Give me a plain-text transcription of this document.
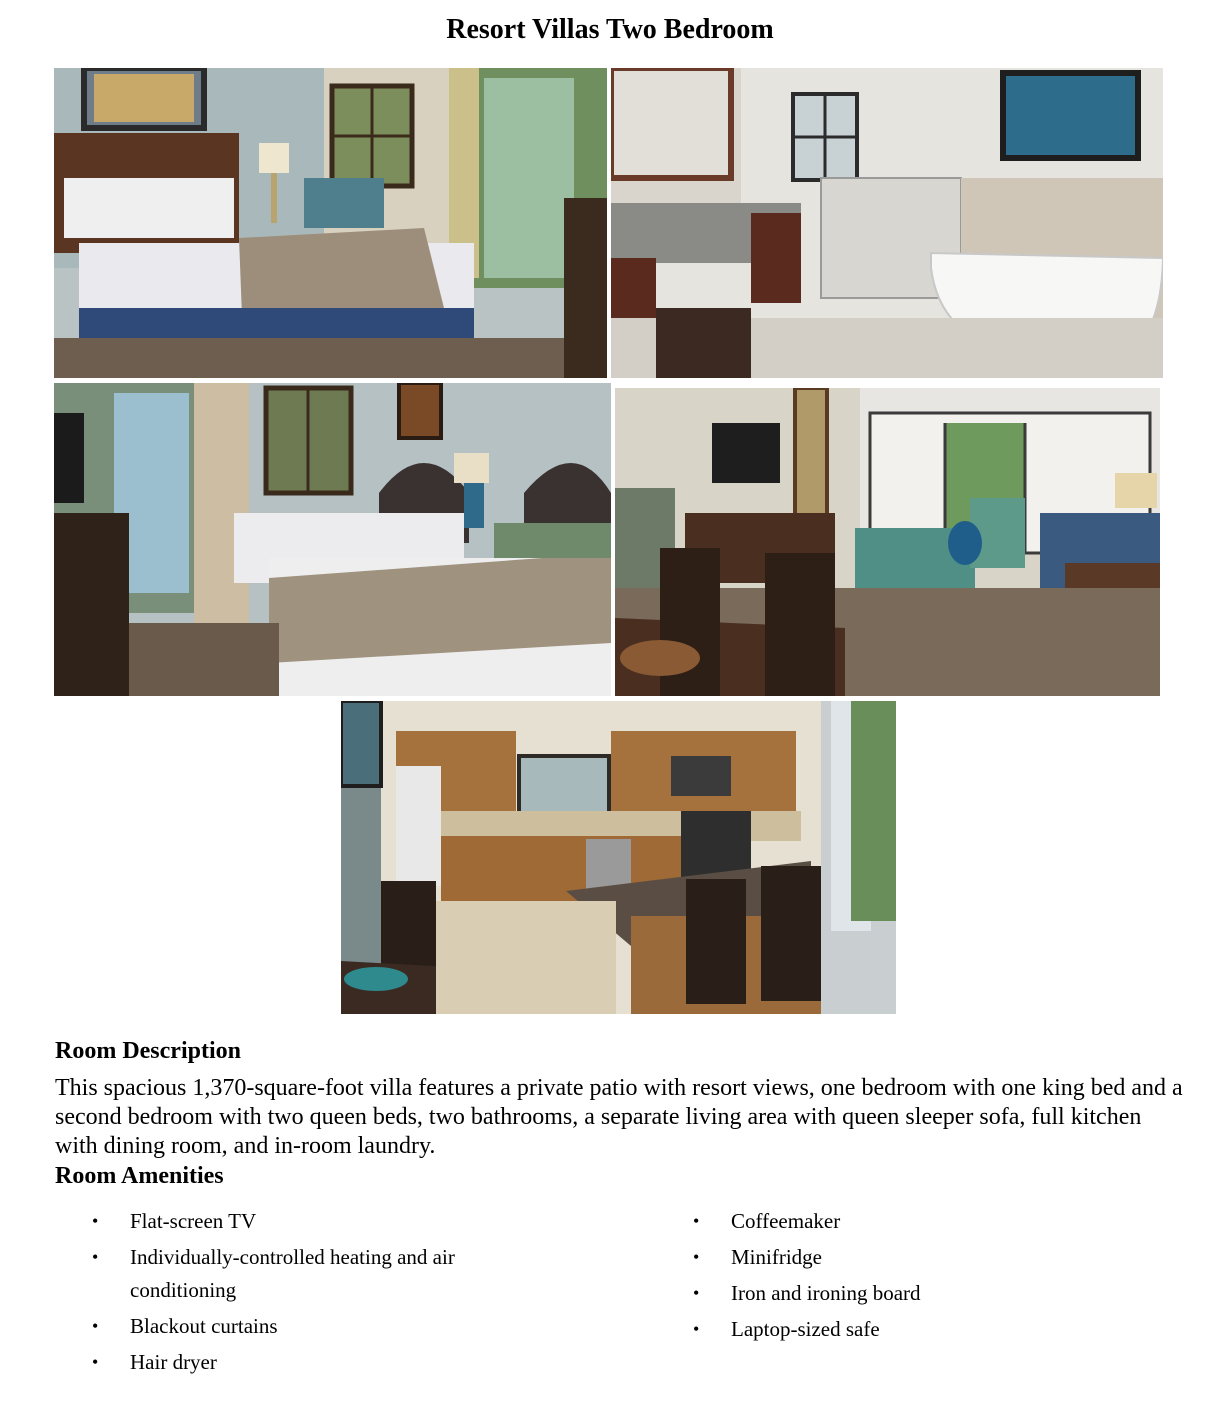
Resort Villas Two Bedroom
Room Description

This spacious 1,370-square-foot villa features a private patio with resort views, one bedroom with one king bed and a second bedroom with two queen beds, two bathrooms, a separate living area with queen sleeper sofa, full kitchen with dining room, and in-room laundry.

Room Amenities
• Flat-screen TV
• Individually-controlled heating and air conditioning
• Blackout curtains
• Hair dryer
• Coffeemaker
• Minifridge
• Iron and ironing board
• Laptop-sized safe
